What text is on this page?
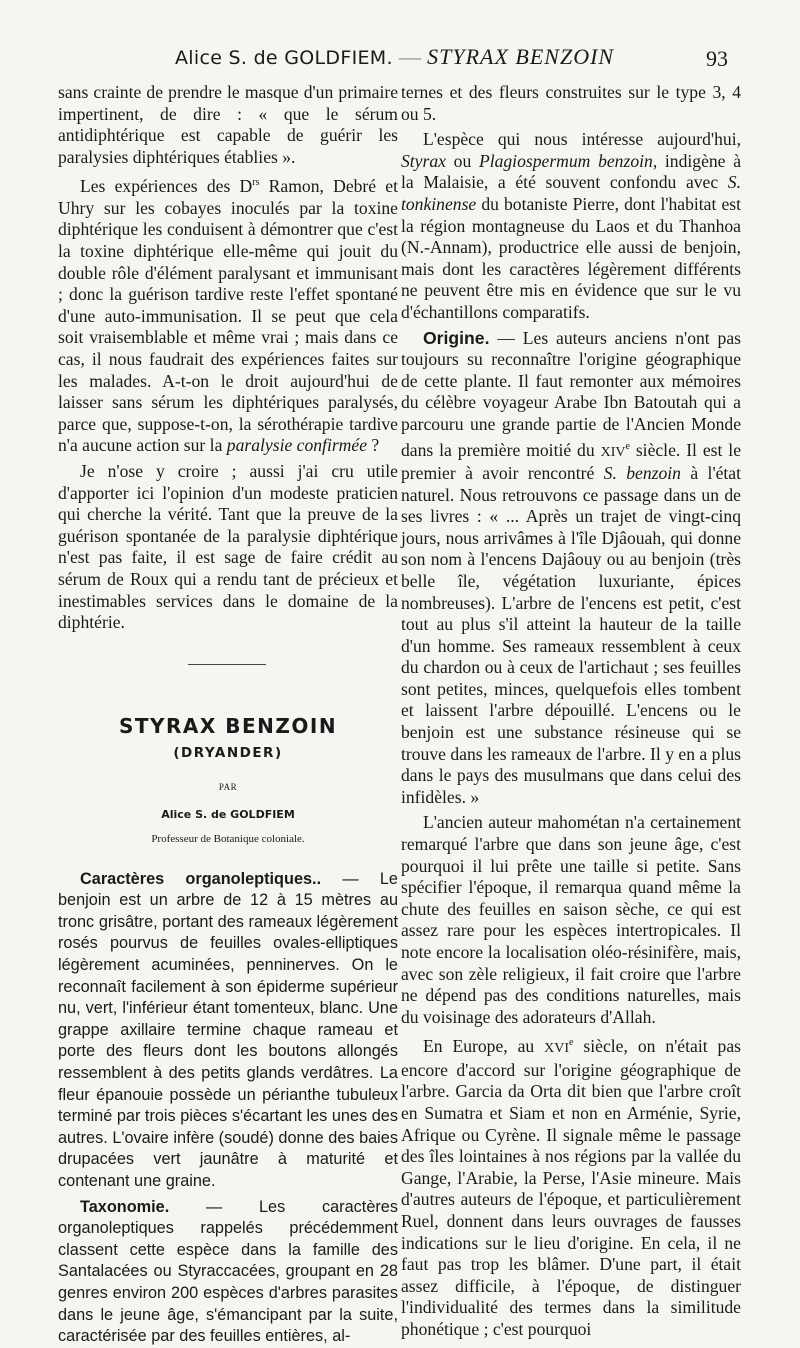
Alice S. de GOLDFIEM. — STYRAX BENZOIN	93

sans crainte de prendre le masque d'un primaire impertinent, de dire : « que le sérum antidiphtérique est capable de guérir les paralysies diphtériques établies ».

Les expériences des $D^{rs}$ Ramon, Debré et Uhry sur les cobayes inoculés par la toxine diphtérique les conduisent à démontrer que c'est la toxine diphtérique elle-même qui jouit du double rôle d'élément paralysant et immunisant ; donc la guérison tardive reste l'effet spontané d'une auto-immunisation. Il se peut que cela soit vraisemblable et même vrai ; mais dans ce cas, il nous faudrait des expériences faites sur les malades. A-t-on le droit aujourd'hui de laisser sans sérum les diphtériques paralysés, parce que, suppose-t-on, la sérothérapie tardive n'a aucune action sur la paralysie confirmée ?

Je n'ose y croire ; aussi j'ai cru utile d'apporter ici l'opinion d'un modeste praticien qui cherche la vérité. Tant que la preuve de la guérison spontanée de la paralysie diphtérique n'est pas faite, il est sage de faire crédit au sérum de Roux qui a rendu tant de précieux et inestimables services dans le domaine de la diphtérie.

STYRAX BENZOIN
(DRYANDER)
PAR
Alice S. de GOLDFIEM
Professeur de Botanique coloniale.

Caractères organoleptiques.. — Le benjoin est un arbre de 12 à 15 mètres au tronc grisâtre, portant des rameaux légèrement rosés pourvus de feuilles ovales-elliptiques légèrement acuminées, penninerves. On le reconnaît facilement à son épiderme supérieur nu, vert, l'inférieur étant tomenteux, blanc. Une grappe axillaire termine chaque rameau et porte des fleurs dont les boutons allongés ressemblent à des petits glands verdâtres. La fleur épanouie possède un périanthe tubuleux terminé par trois pièces s'écartant les unes des autres. L'ovaire infère (soudé) donne des baies drupacées vert jaunâtre à maturité et contenant une graine.

Taxonomie. — Les caractères organoleptiques rappelés précédemment classent cette espèce dans la famille des Santalacées ou Styraccacées, groupant en 28 genres environ 200 espèces d'arbres parasites dans le jeune âge, s'émancipant par la suite, caractérisée par des feuilles entières, al-

ternes et des fleurs construites sur le type 3, 4 ou 5.

L'espèce qui nous intéresse aujourd'hui, Styrax ou Plagiospermum benzoin, indigène à la Malaisie, a été souvent confondu avec S. tonkinense du botaniste Pierre, dont l'habitat est la région montagneuse du Laos et du Thanhoa (N.-Annam), productrice elle aussi de benjoin, mais dont les caractères légèrement différents ne peuvent être mis en évidence que sur le vu d'échantillons comparatifs.

Origine. — Les auteurs anciens n'ont pas toujours su reconnaître l'origine géographique de cette plante. Il faut remonter aux mémoires du célèbre voyageur Arabe Ibn Batoutah qui a parcouru une grande partie de l'Ancien Monde dans la première moitié du XIVe siècle. Il est le premier à avoir rencontré S. benzoin à l'état naturel. Nous retrouvons ce passage dans un de ses livres : « ... Après un trajet de vingt-cinq jours, nous arrivâmes à l'île Djâouah, qui donne son nom à l'encens Dajâouy ou au benjoin (très belle île, végétation luxuriante, épices nombreuses). L'arbre de l'encens est petit, c'est tout au plus s'il atteint la hauteur de la taille d'un homme. Ses rameaux ressemblent à ceux du chardon ou à ceux de l'artichaut ; ses feuilles sont petites, minces, quelquefois elles tombent et laissent l'arbre dépouillé. L'encens ou le benjoin est une substance résineuse qui se trouve dans les rameaux de l'arbre. Il y en a plus dans le pays des musulmans que dans celui des infidèles. »

L'ancien auteur mahométan n'a certainement remarqué l'arbre que dans son jeune âge, c'est pourquoi il lui prête une taille si petite. Sans spécifier l'époque, il remarqua quand même la chute des feuilles en saison sèche, ce qui est assez rare pour les espèces intertropicales. Il note encore la localisation oléo-résinifère, mais, avec son zèle religieux, il fait croire que l'arbre ne dépend pas des conditions naturelles, mais du voisinage des adorateurs d'Allah.

En Europe, au XVIe siècle, on n'était pas encore d'accord sur l'origine géographique de l'arbre. Garcia da Orta dit bien que l'arbre croît en Sumatra et Siam et non en Arménie, Syrie, Afrique ou Cyrène. Il signale même le passage des îles lointaines à nos régions par la vallée du Gange, l'Arabie, la Perse, l'Asie mineure. Mais d'autres auteurs de l'époque, et particulièrement Ruel, donnent dans leurs ouvrages de fausses indications sur le lieu d'origine. En cela, il ne faut pas trop les blâmer. D'une part, il était assez difficile, à l'époque, de distinguer l'individualité des termes dans la similitude phonétique ; c'est pourquoi
